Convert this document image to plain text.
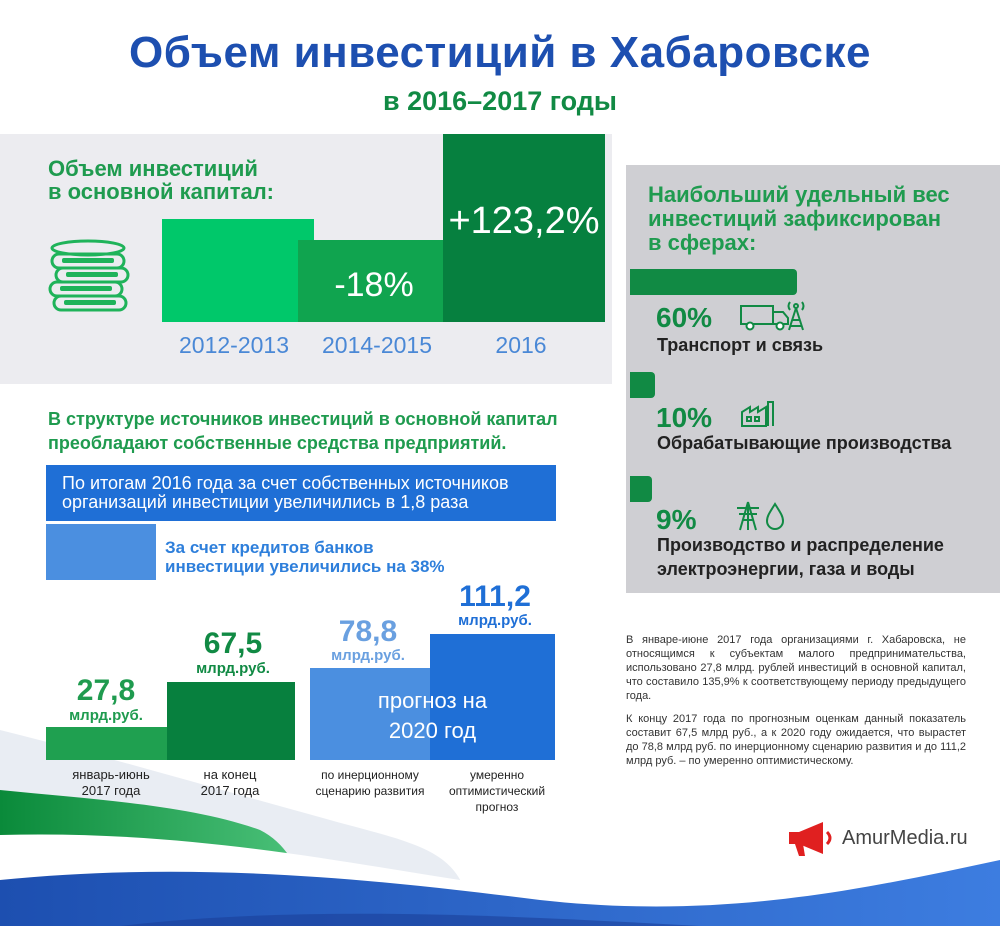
Объем инвестиций в Хабаровске
в 2016–2017 годы
Объем инвестиций
в основной капитал:
-18%
+123,2%
2012-2013	2014-2015	2016
Наибольший удельный вес
инвестиций зафиксирован
в сферах:
60%
Транспорт и связь
10%
Обрабатывающие производства
9%
Производство и распределение
электроэнергии, газа и воды
В структуре источников инвестиций в основной капитал
преобладают собственные средства предприятий.
По итогам 2016 года за счет собственных источников
организаций инвестиции увеличились в 1,8 раза
За счет кредитов банков
инвестиции увеличились на 38%
27,8
млрд.руб.
67,5
млрд.руб.
78,8
млрд.руб.
111,2
млрд.руб.
прогноз на
2020 год
январь-июнь
2017 года
на конец
2017 года
по инерционному
сценарию развития
умеренно
оптимистический
прогноз
В январе-июне 2017 года организациями г. Хабаровска, не относящимся к субъектам малого предпринимательства, использовано 27,8 млрд. рублей инвестиций в основной капитал, что составило 135,9% к соответствующему периоду предыдущего года.
К концу 2017 года по прогнозным оценкам данный показатель составит 67,5 млрд руб., а к 2020 году ожидается, что вырастет до 78,8 млрд руб. по инерционному сценарию развития и до 111,2 млрд руб. – по умеренно оптимистическому.
AmurMedia.ru
